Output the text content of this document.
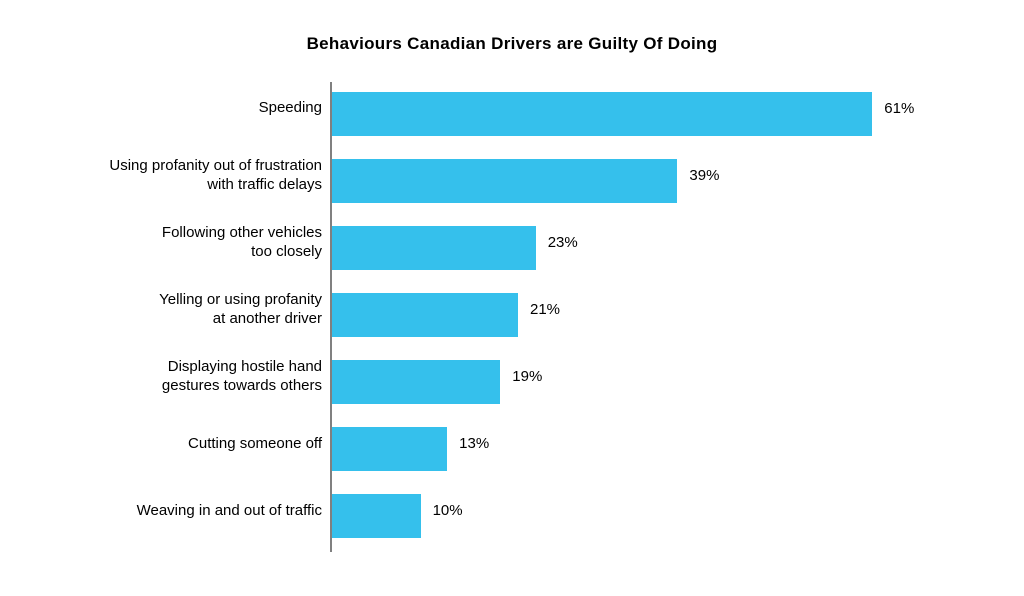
Behaviours Canadian Drivers are Guilty Of Doing
Speeding
Using profanity out of frustration
with traffic delays
Following other vehicles
too closely
Yelling or using profanity
at another driver
Displaying hostile hand
gestures towards others
Cutting someone off
Weaving in and out of traffic
61%
39%
23%
21%
19%
13%
10%
